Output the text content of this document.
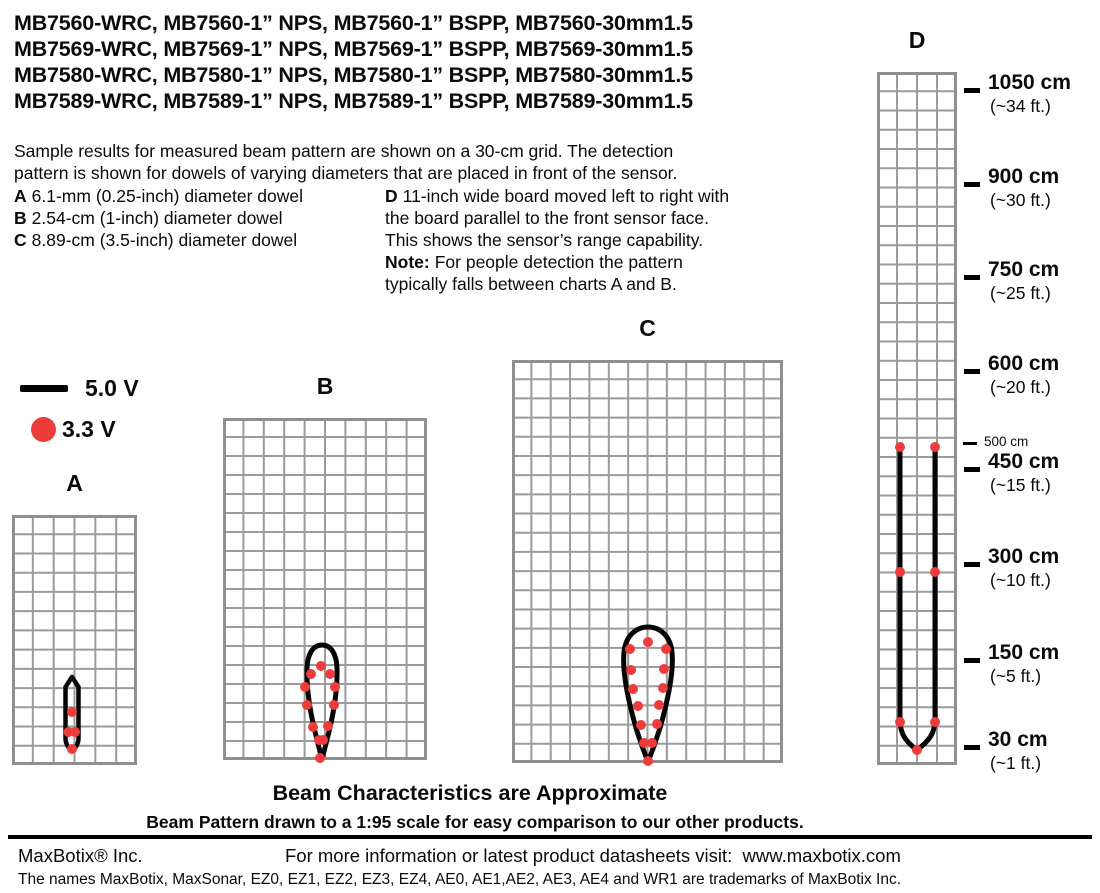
MB7560-WRC, MB7560-1” NPS, MB7560-1” BSPP, MB7560-30mm1.5
MB7569-WRC, MB7569-1” NPS, MB7569-1” BSPP, MB7569-30mm1.5
MB7580-WRC, MB7580-1” NPS, MB7580-1” BSPP, MB7580-30mm1.5
MB7589-WRC, MB7589-1” NPS, MB7589-1” BSPP, MB7589-30mm1.5
Sample results for measured beam pattern are shown on a 30-cm grid. The detection
pattern is shown for dowels of varying diameters that are placed in front of the sensor.
A 6.1-mm (0.25-inch) diameter dowel
B 2.54-cm (1-inch) diameter dowel
C 8.89-cm (3.5-inch) diameter dowel
D 11-inch wide board moved left to right with
the board parallel to the front sensor face.
This shows the sensor’s range capability.
Note: For people detection the pattern
typically falls between charts A and B.
5.0 V
3.3 V
A
B
C
D
1050 cm
(~34 ft.)
900 cm
(~30 ft.)
750 cm
(~25 ft.)
600 cm
(~20 ft.)
450 cm
(~15 ft.)
300 cm
(~10 ft.)
150 cm
(~5 ft.)
30 cm
(~1 ft.)
500 cm
Beam Characteristics are Approximate
Beam Pattern drawn to a 1:95 scale for easy comparison to our other products.
MaxBotix® Inc.	For more information or latest product datasheets visit:  www.maxbotix.com
The names MaxBotix, MaxSonar, EZ0, EZ1, EZ2, EZ3, EZ4, AE0, AE1,AE2, AE3, AE4 and WR1 are trademarks of MaxBotix Inc.
